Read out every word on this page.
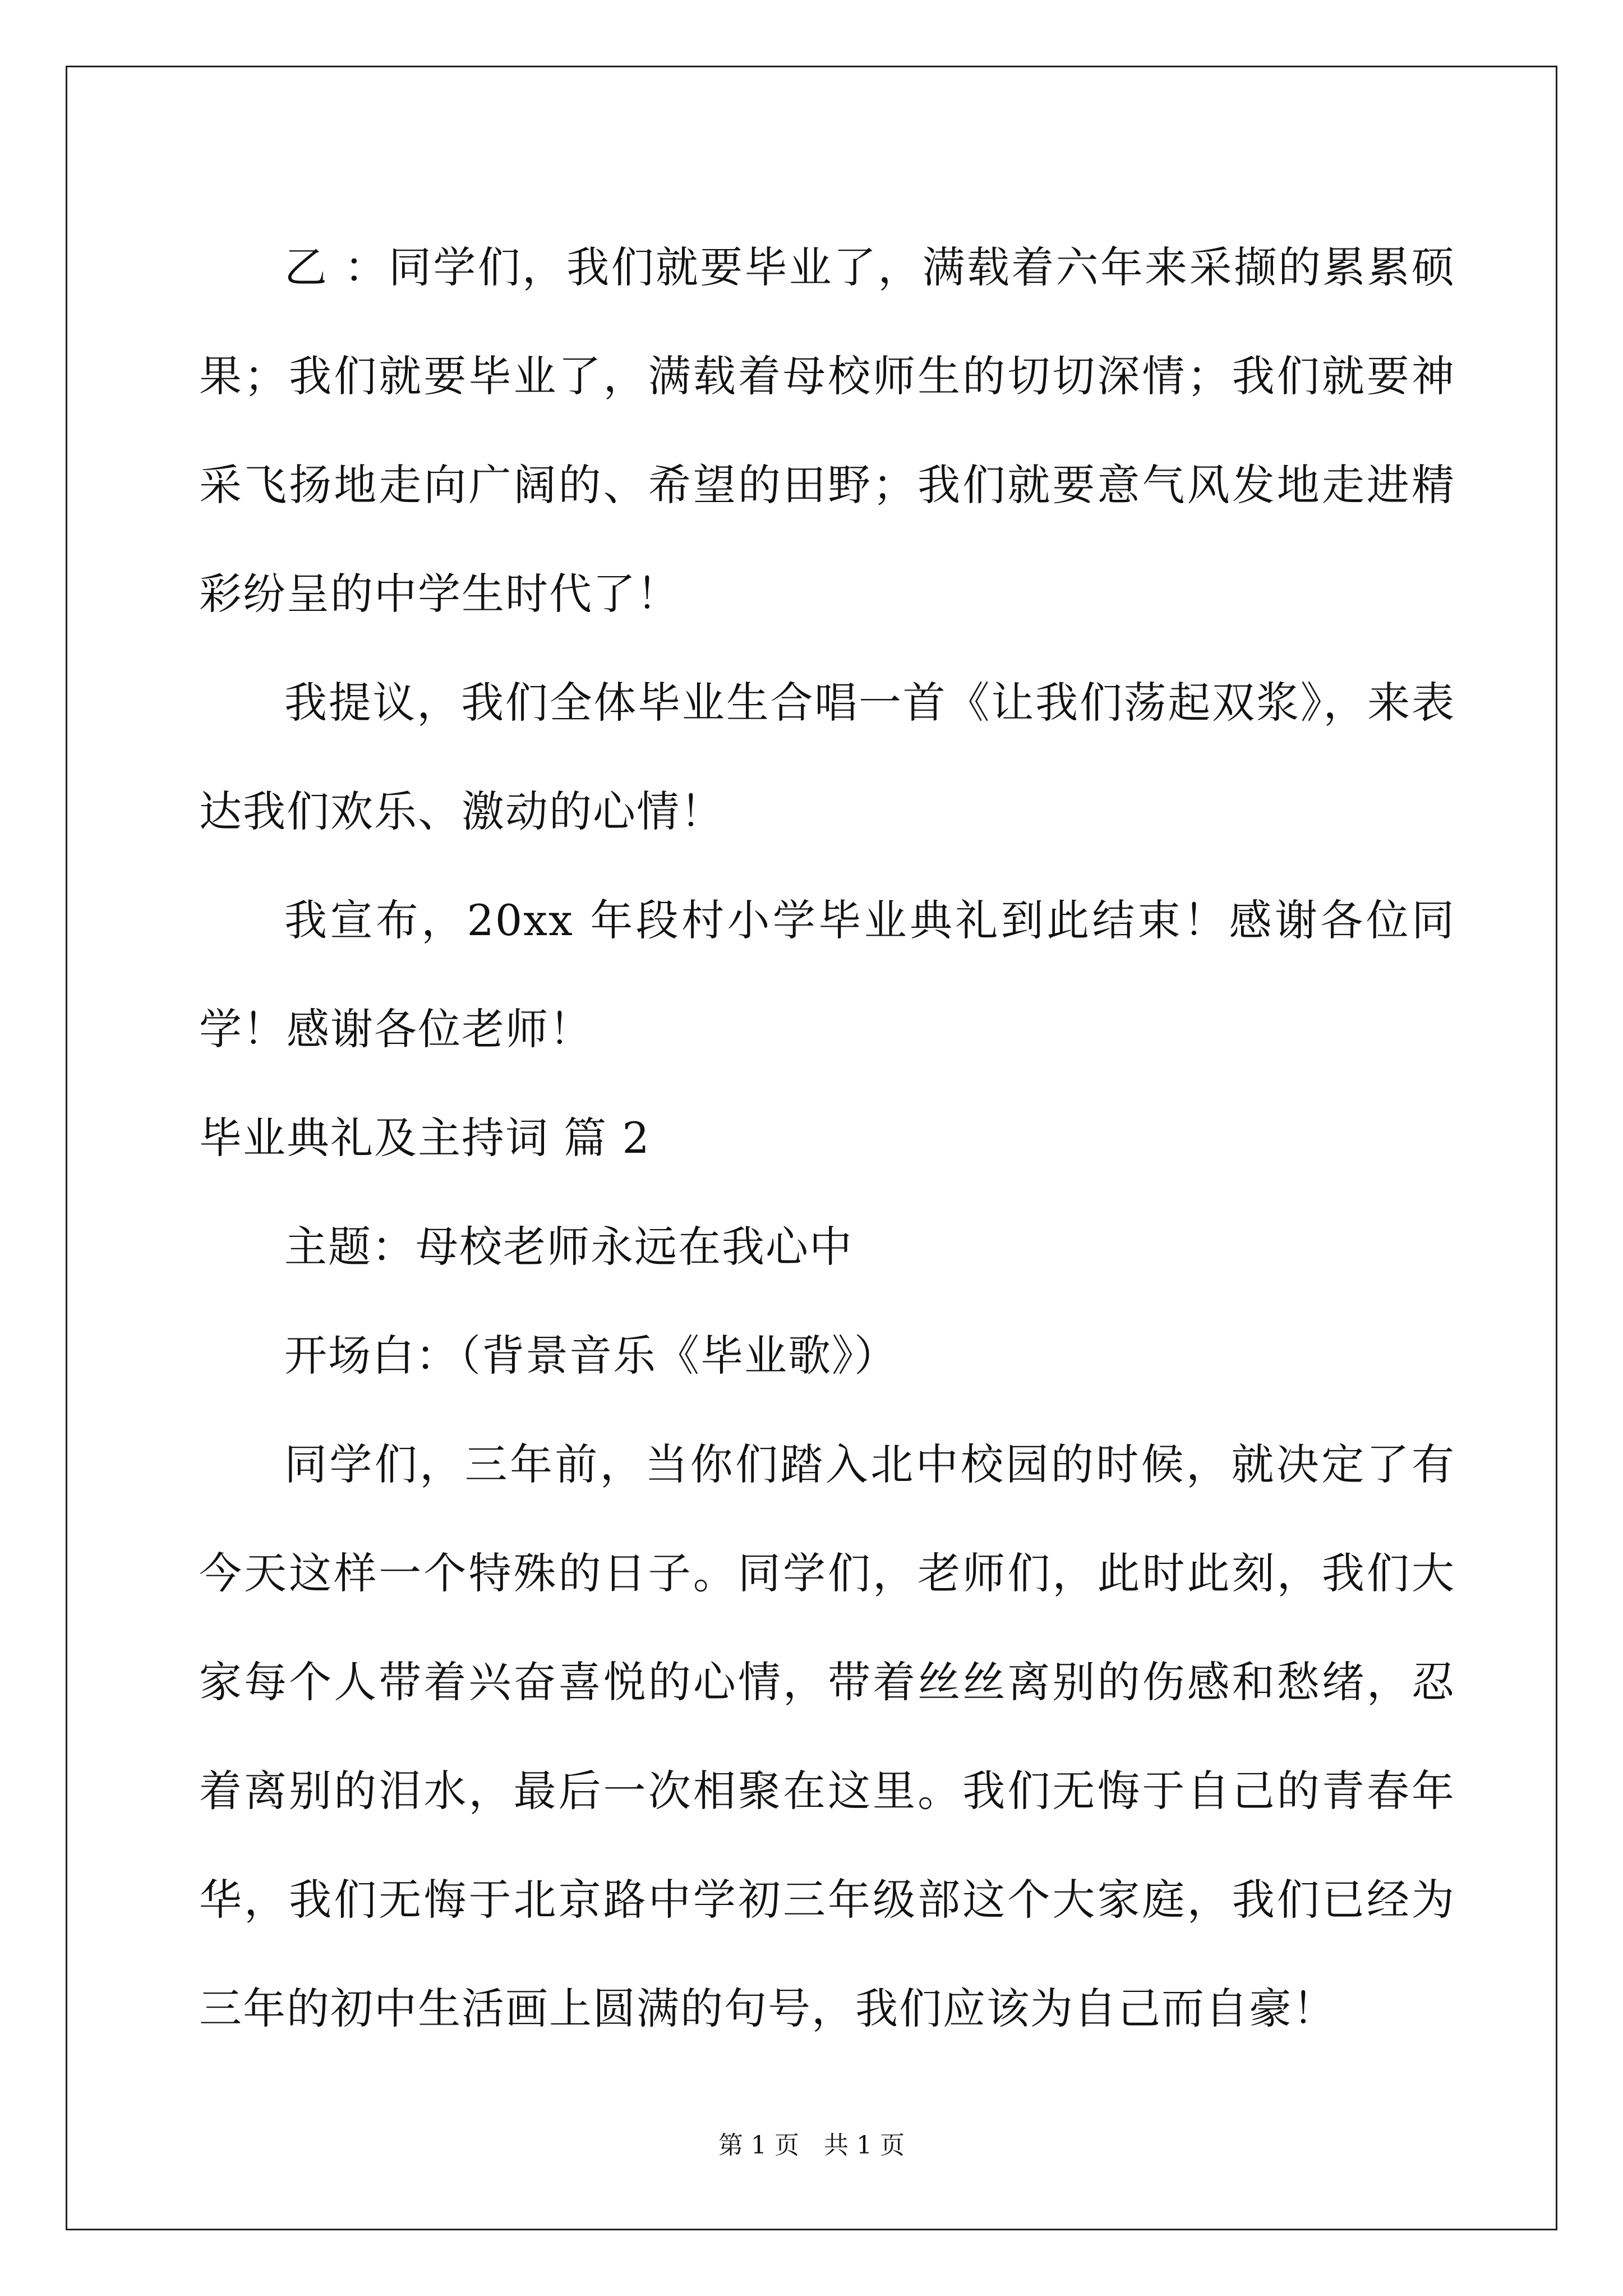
乙 ：同学们，我们就要毕业了，满载着六年来采撷的累累硕果；我们就要毕业了，满载着母校师生的切切深情；我们就要神采飞扬地走向广阔的、希望的田野；我们就要意气风发地走进精彩纷呈的中学生时代了！

我提议，我们全体毕业生合唱一首《让我们荡起双浆》，来表达我们欢乐、激动的心情！

我宣布，20xx 年段村小学毕业典礼到此结束！感谢各位同学！感谢各位老师！

毕业典礼及主持词 篇 2

主题：母校老师永远在我心中

开场白：（背景音乐《毕业歌》）

同学们，三年前，当你们踏入北中校园的时候，就决定了有今天这样一个特殊的日子。同学们，老师们，此时此刻，我们大家每个人带着兴奋喜悦的心情，带着丝丝离别的伤感和愁绪，忍着离别的泪水，最后一次相聚在这里。我们无悔于自己的青春年华，我们无悔于北京路中学初三年级部这个大家庭，我们已经为三年的初中生活画上圆满的句号，我们应该为自己而自豪！

第 1 页　共 1 页
